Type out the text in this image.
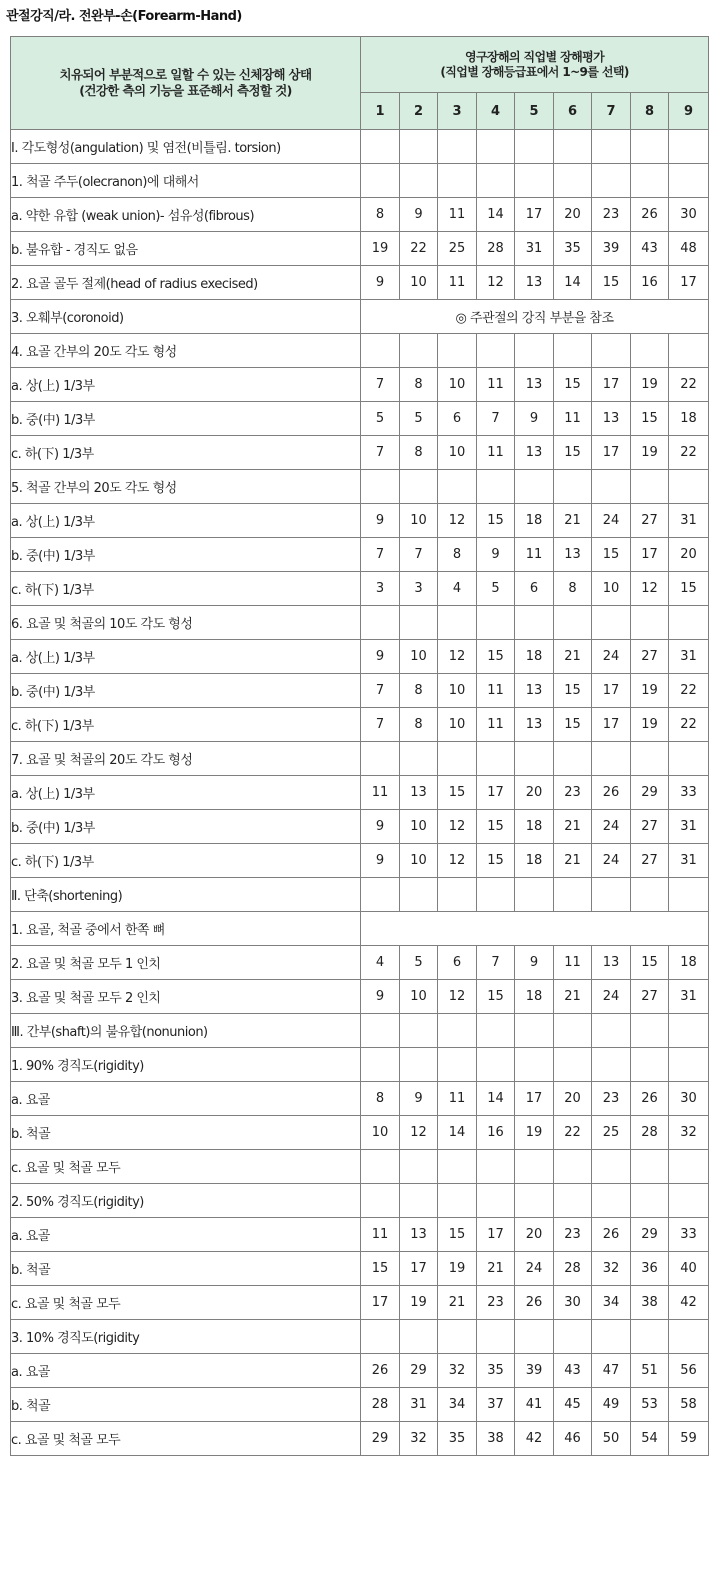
관절강직/라. 전완부-손(Forearm-Hand)
치유되어 부분적으로 일할 수 있는 신체장해 상태
(건강한 측의 기능을 표준해서 측정할 것)	영구장해의 직업별 장해평가
(직업별 장해등급표에서 1~9를 선택)								

	1	2	3	4	5	6	7	8	9
Ⅰ. 각도형성(angulation) 및 염전(비틀림. torsion)									
1. 척골 주두(olecranon)에 대해서									
a. 약한 유합 (weak union)- 섬유성(fibrous)	8	9	11	14	17	20	23	26	30
b. 불유합 - 경직도 없음	19	22	25	28	31	35	39	43	48
2. 요골 골두 절제(head of radius execised)	9	10	11	12	13	14	15	16	17
3. 오훼부(coronoid)	◎ 주관절의 강직 부분을 참조								
4. 요골 간부의 20도 각도 형성									
a. 상(上) 1/3부	7	8	10	11	13	15	17	19	22
b. 중(中) 1/3부	5	5	6	7	9	11	13	15	18
c. 하(下) 1/3부	7	8	10	11	13	15	17	19	22
5. 척골 간부의 20도 각도 형성									
a. 상(上) 1/3부	9	10	12	15	18	21	24	27	31
b. 중(中) 1/3부	7	7	8	9	11	13	15	17	20
c. 하(下) 1/3부	3	3	4	5	6	8	10	12	15
6. 요골 및 척골의 10도 각도 형성									
a. 상(上) 1/3부	9	10	12	15	18	21	24	27	31
b. 중(中) 1/3부	7	8	10	11	13	15	17	19	22
c. 하(下) 1/3부	7	8	10	11	13	15	17	19	22
7. 요골 및 척골의 20도 각도 형성									
a. 상(上) 1/3부	11	13	15	17	20	23	26	29	33
b. 중(中) 1/3부	9	10	12	15	18	21	24	27	31
c. 하(下) 1/3부	9	10	12	15	18	21	24	27	31
Ⅱ. 단축(shortening)									
1. 요골, 척골 중에서 한쪽 뼈									
2. 요골 및 척골 모두 1 인치	4	5	6	7	9	11	13	15	18
3. 요골 및 척골 모두 2 인치	9	10	12	15	18	21	24	27	31
Ⅲ. 간부(shaft)의 불유합(nonunion)									
1. 90% 경직도(rigidity)									
a. 요골	8	9	11	14	17	20	23	26	30
b. 척골	10	12	14	16	19	22	25	28	32
c. 요골 및 척골 모두									
2. 50% 경직도(rigidity)									
a. 요골	11	13	15	17	20	23	26	29	33
b. 척골	15	17	19	21	24	28	32	36	40
c. 요골 및 척골 모두	17	19	21	23	26	30	34	38	42
3. 10% 경직도(rigidity									
a. 요골	26	29	32	35	39	43	47	51	56
b. 척골	28	31	34	37	41	45	49	53	58
c. 요골 및 척골 모두	29	32	35	38	42	46	50	54	59
